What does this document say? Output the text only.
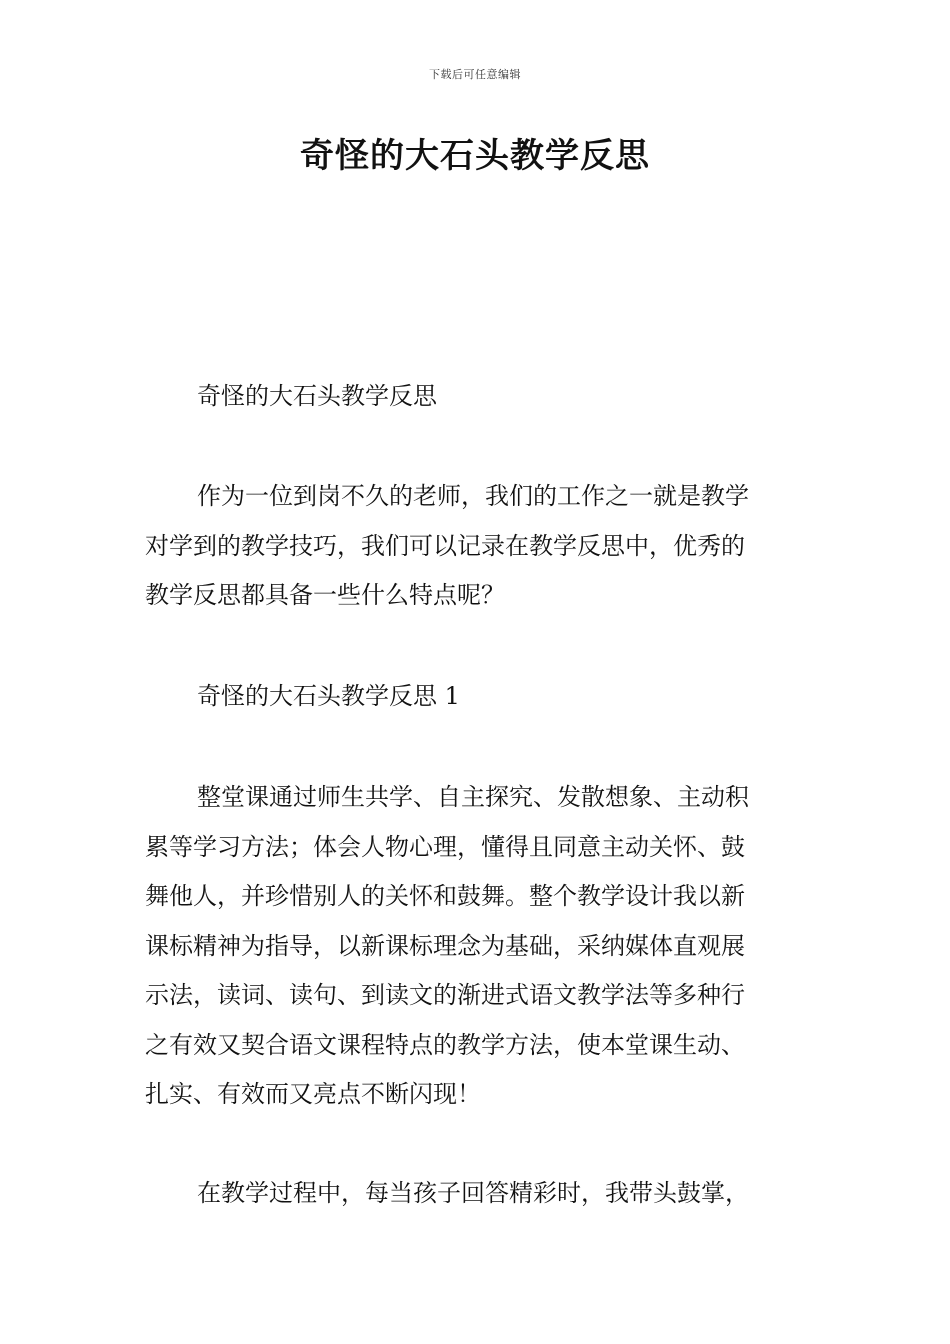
下载后可任意编辑
奇怪的大石头教学反思

奇怪的大石头教学反思

作为一位到岗不久的老师，我们的工作之一就是教学
对学到的教学技巧，我们可以记录在教学反思中，优秀的
教学反思都具备一些什么特点呢？

奇怪的大石头教学反思 1

整堂课通过师生共学、自主探究、发散想象、主动积
累等学习方法；体会人物心理，懂得且同意主动关怀、鼓
舞他人，并珍惜别人的关怀和鼓舞。整个教学设计我以新
课标精神为指导，以新课标理念为基础，采纳媒体直观展
示法，读词、读句、到读文的渐进式语文教学法等多种行
之有效又契合语文课程特点的教学方法，使本堂课生动、
扎实、有效而又亮点不断闪现！

在教学过程中，每当孩子回答精彩时，我带头鼓掌，
